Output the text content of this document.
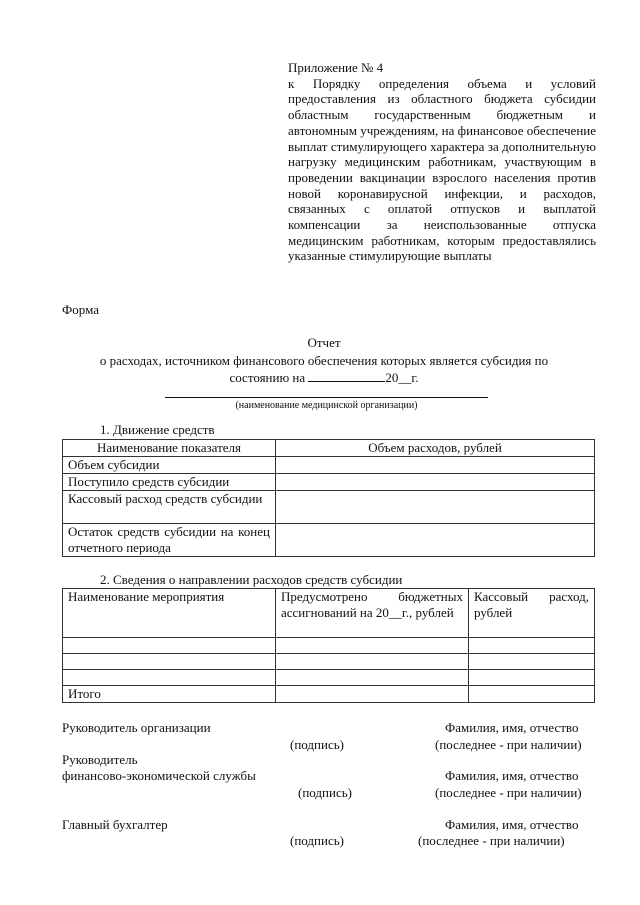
Приложение № 4
к Порядку определения объема и условий предоставления из областного бюджета субсидии областным государственным бюджетным и автономным учреждениям, на финансовое обеспечение выплат стимулирующего характера за дополнительную нагрузку медицинским работникам, участвующим в проведении вакцинации взрослого населения против новой коронавирусной инфекции, и расходов, связанных с оплатой отпусков и выплатой компенсации за неиспользованные отпуска медицинским работникам, которым предоставлялись указанные стимулирующие выплаты
Форма
Отчет
о расходах, источником финансового обеспечения которых является субсидия по
состоянию на	20__г.
(наименование медицинской организации)
1. Движение средств
Наименование показателя	Объем расходов, рублей
Объем субсидии	
Поступило средств субсидии	
Кассовый расход средств субсидии	
Остаток средств субсидии на конец отчетного периода	
2. Сведения о направлении расходов средств субсидии
Наименование мероприятия	Предусмотрено бюджетных ассигнований на 20__г., рублей	Кассовый расход, рублей

Итого		
Руководитель организации	Фамилия, имя, отчество
(подпись)	(последнее - при наличии)
Руководитель
финансово-экономической службы	Фамилия, имя, отчество
(подпись)	(последнее - при наличии)
Главный бухгалтер	Фамилия, имя, отчество
(подпись)	(последнее - при наличии)
